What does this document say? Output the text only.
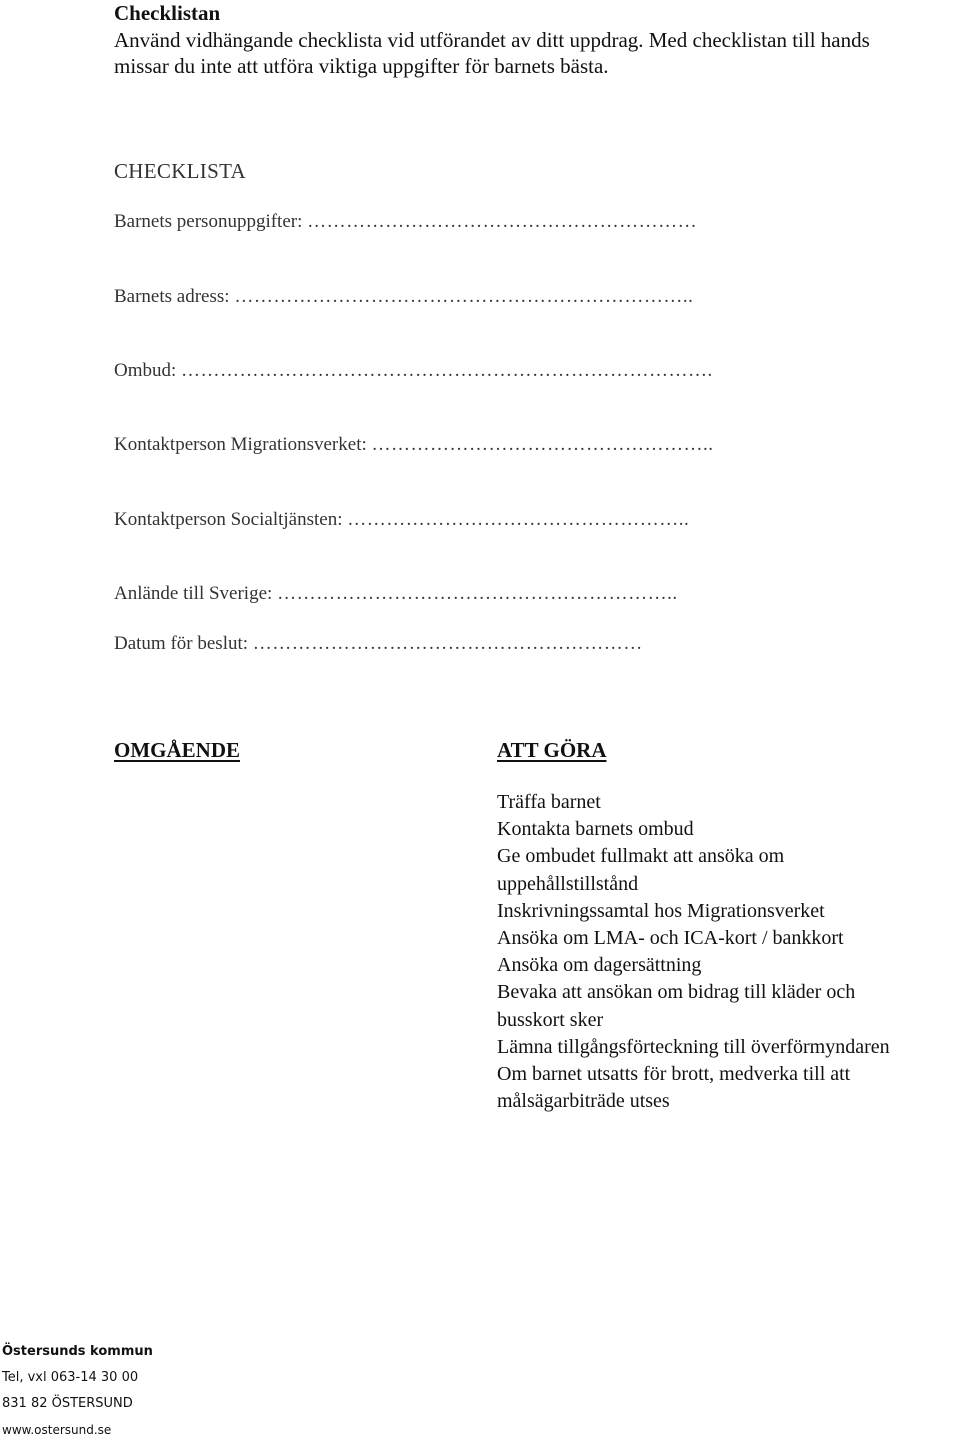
Checklistan
Använd vidhängande checklista vid utförandet av ditt uppdrag. Med checklistan till hands
missar du inte att utföra viktiga uppgifter för barnets bästa.
CHECKLISTA
Barnets personuppgifter: ……………………………………………………
Barnets adress: ……………………………………………………………..
Ombud: ……………………………………………………………………….
Kontaktperson Migrationsverket: ……………………………………………..
Kontaktperson Socialtjänsten: ……………………………………………..
Anlände till Sverige: ……………………………………………………..
Datum för beslut: ……………………………………………………
OMGÅENDE	ATT GÖRA
Träffa barnet
Kontakta barnets ombud
Ge ombudet fullmakt att ansöka om
uppehållstillstånd
Inskrivningssamtal hos Migrationsverket
Ansöka om LMA- och ICA-kort / bankkort
Ansöka om dagersättning
Bevaka att ansökan om bidrag till kläder och
busskort sker
Lämna tillgångsförteckning till överförmyndaren
Om barnet utsatts för brott, medverka till att
målsägarbiträde utses
Östersunds kommun
Tel, vxl 063-14 30 00
831 82 ÖSTERSUND
www.ostersund.se
